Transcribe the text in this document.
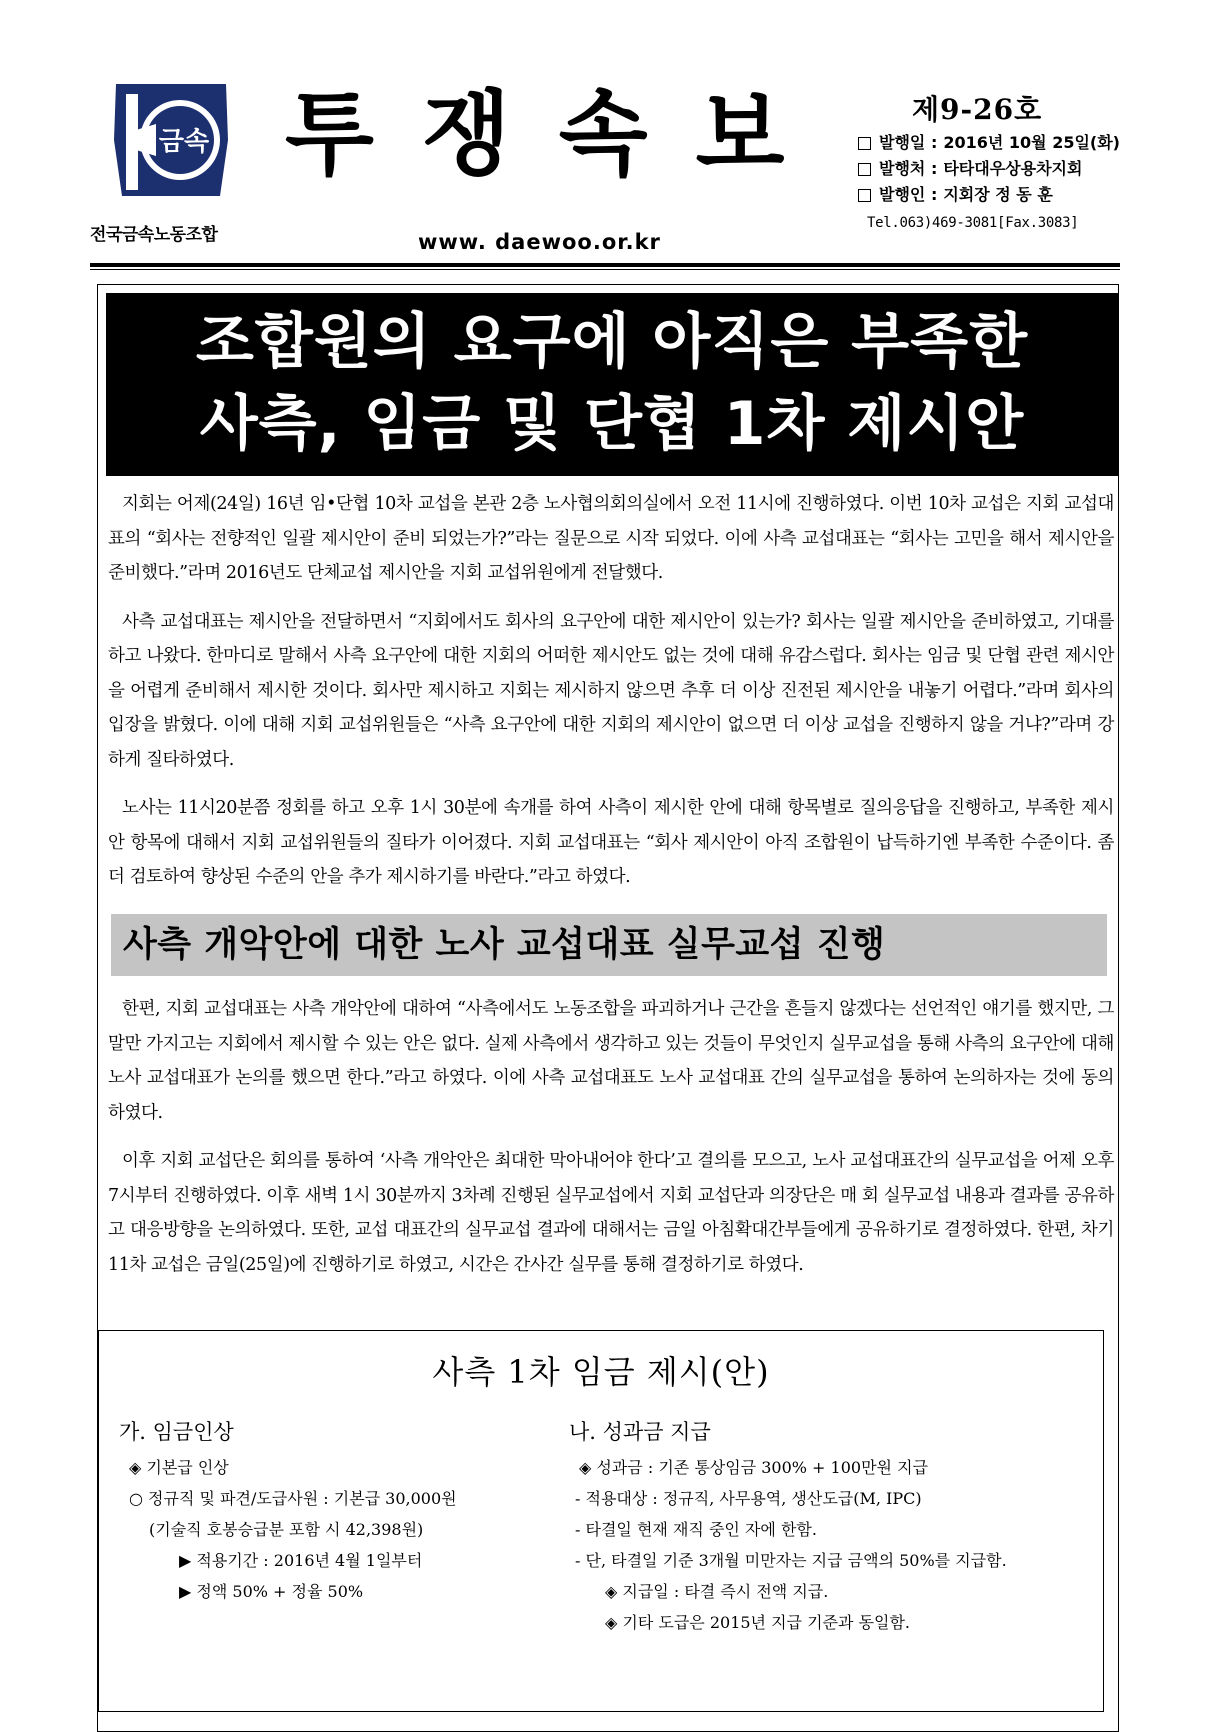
금속
전국금속노동조합
투쟁속보
www. daewoo.or.kr
제9-26호
발행일 : 2016년 10월 25일(화)
발행처 : 타타대우상용차지회
발행인 : 지회장 정 동 훈
Tel.063)469-3081[Fax.3083]
조합원의 요구에 아직은 부족한
사측, 임금 및 단협 1차 제시안

지회는 어제(24일) 16년 임•단협 10차 교섭을 본관 2층 노사협의회의실에서 오전 11시에 진행하였다. 이번 10차 교섭은 지회 교섭대표의 “회사는 전향적인 일괄 제시안이 준비 되었는가?”라는 질문으로 시작 되었다. 이에 사측 교섭대표는 “회사는 고민을 해서 제시안을 준비했다.”라며 2016년도 단체교섭 제시안을 지회 교섭위원에게 전달했다.

사측 교섭대표는 제시안을 전달하면서 “지회에서도 회사의 요구안에 대한 제시안이 있는가? 회사는 일괄 제시안을 준비하였고, 기대를 하고 나왔다. 한마디로 말해서 사측 요구안에 대한 지회의 어떠한 제시안도 없는 것에 대해 유감스럽다. 회사는 임금 및 단협 관련 제시안을 어렵게 준비해서 제시한 것이다. 회사만 제시하고 지회는 제시하지 않으면 추후 더 이상 진전된 제시안을 내놓기 어렵다.”라며 회사의 입장을 밝혔다. 이에 대해 지회 교섭위원들은 “사측 요구안에 대한 지회의 제시안이 없으면 더 이상 교섭을 진행하지 않을 거냐?”라며 강하게 질타하였다.

노사는 11시20분쯤 정회를 하고 오후 1시 30분에 속개를 하여 사측이 제시한 안에 대해 항목별로 질의응답을 진행하고, 부족한 제시안 항목에 대해서 지회 교섭위원들의 질타가 이어졌다. 지회 교섭대표는 “회사 제시안이 아직 조합원이 납득하기엔 부족한 수준이다. 좀 더 검토하여 향상된 수준의 안을 추가 제시하기를 바란다.”라고 하였다.

사측 개악안에 대한 노사 교섭대표 실무교섭 진행

한편, 지회 교섭대표는 사측 개악안에 대하여 “사측에서도 노동조합을 파괴하거나 근간을 흔들지 않겠다는 선언적인 얘기를 했지만, 그 말만 가지고는 지회에서 제시할 수 있는 안은 없다. 실제 사측에서 생각하고 있는 것들이 무엇인지 실무교섭을 통해 사측의 요구안에 대해 노사 교섭대표가 논의를 했으면 한다.”라고 하였다. 이에 사측 교섭대표도 노사 교섭대표 간의 실무교섭을 통하여 논의하자는 것에 동의하였다.

이후 지회 교섭단은 회의를 통하여 ‘사측 개악안은 최대한 막아내어야 한다’고 결의를 모으고, 노사 교섭대표간의 실무교섭을 어제 오후 7시부터 진행하였다. 이후 새벽 1시 30분까지 3차례 진행된 실무교섭에서 지회 교섭단과 의장단은 매 회 실무교섭 내용과 결과를 공유하고 대응방향을 논의하였다. 또한, 교섭 대표간의 실무교섭 결과에 대해서는 금일 아침확대간부들에게 공유하기로 결정하였다. 한편, 차기 11차 교섭은 금일(25일)에 진행하기로 하였고, 시간은 간사간 실무를 통해 결정하기로 하였다.

사측 1차 임금 제시(안)
가. 임금인상
◈ 기본급 인상
○ 정규직 및 파견/도급사원 : 기본급 30,000원
(기술직 호봉승급분 포함 시 42,398원)
▶ 적용기간 : 2016년 4월 1일부터
▶ 정액 50% + 정율 50%
나. 성과금 지급
◈ 성과금 : 기존 통상임금 300% + 100만원 지급
- 적용대상 : 정규직, 사무용역, 생산도급(M, IPC)
- 타결일 현재 재직 중인 자에 한함.
- 단, 타결일 기준 3개월 미만자는 지급 금액의 50%를 지급함.
◈ 지급일 : 타결 즉시 전액 지급.
◈ 기타 도급은 2015년 지급 기준과 동일함.
